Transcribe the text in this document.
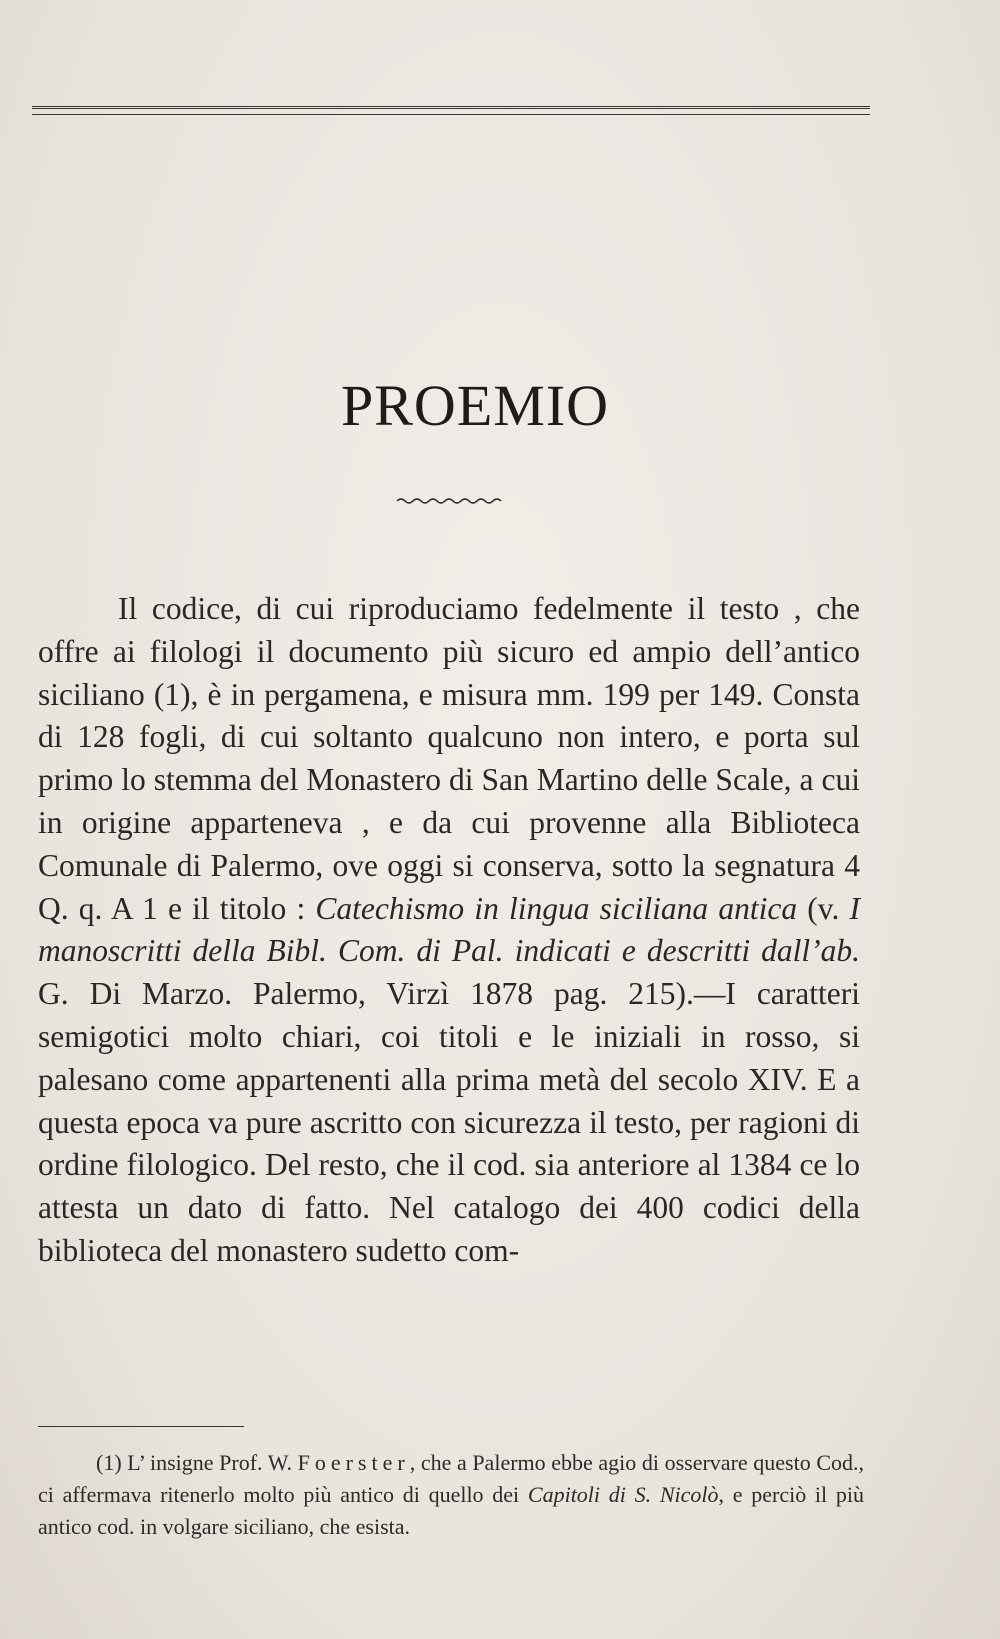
PROEMIO

Il codice, di cui riproduciamo fedelmente il testo , che offre ai filologi il documento più sicuro ed ampio dell’antico siciliano (1), è in pergamena, e misura mm. 199 per 149. Consta di 128 fogli, di cui soltanto qualcuno non intero, e porta sul primo lo stemma del Monastero di San Martino delle Scale, a cui in origine apparteneva , e da cui provenne alla Biblioteca Comunale di Palermo, ove oggi si conserva, sotto la segnatura 4 Q. q. A 1 e il titolo : Catechismo in lingua siciliana antica (v. I manoscritti della Bibl. Com. di Pal. indicati e descritti dall’ab. G. Di Marzo. Palermo, Virzì 1878 pag. 215).—I caratteri semigotici molto chiari, coi titoli e le iniziali in rosso, si palesano come appartenenti alla prima metà del secolo XIV. E a questa epoca va pure ascritto con sicurezza il testo, per ragioni di ordine filologico. Del resto, che il cod. sia anteriore al 1384 ce lo attesta un dato di fatto. Nel catalogo dei 400 codici della biblioteca del monastero sudetto com-

(1) L’ insigne Prof. W. Foerster, che a Palermo ebbe agio di osservare questo Cod., ci affermava ritenerlo molto più antico di quello dei Capitoli di S. Nicolò, e perciò il più antico cod. in volgare siciliano, che esista.
